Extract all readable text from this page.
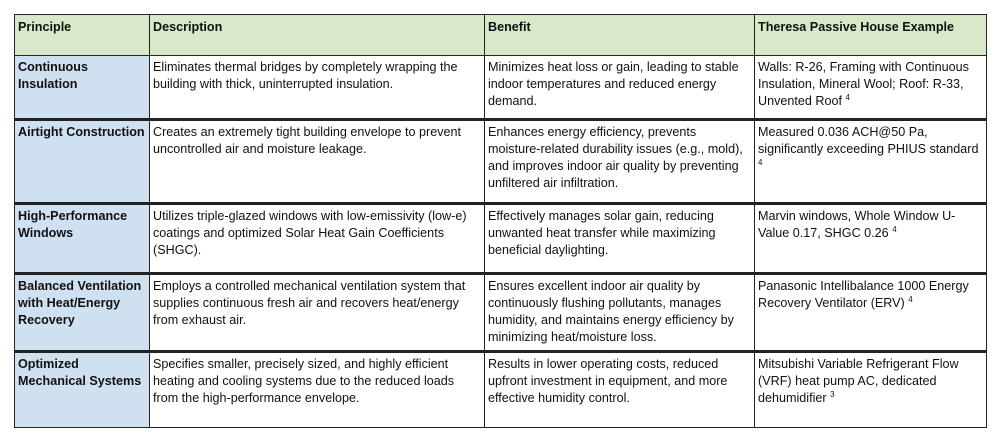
Principle	Description	Benefit	Theresa Passive House Example
Continuous Insulation	Eliminates thermal bridges by completely wrapping the building with thick, uninterrupted insulation.	Minimizes heat loss or gain, leading to stable indoor temperatures and reduced energy demand.	Walls: R-26, Framing with Continuous Insulation, Mineral Wool; Roof: R-33, Unvented Roof $^4$
Airtight Construction	Creates an extremely tight building envelope to prevent uncontrolled air and moisture leakage.	Enhances energy efficiency, prevents moisture-related durability issues (e.g., mold), and improves indoor air quality by preventing unfiltered air infiltration.	Measured 0.036 ACH@50 Pa, significantly exceeding PHIUS standard $^4$
High-Performance Windows	Utilizes triple-glazed windows with low-emissivity (low-e) coatings and optimized Solar Heat Gain Coefficients (SHGC).	Effectively manages solar gain, reducing unwanted heat transfer while maximizing beneficial daylighting.	Marvin windows, Whole Window U-Value 0.17, SHGC 0.26 $^4$
Balanced Ventilation with Heat/Energy Recovery	Employs a controlled mechanical ventilation system that supplies continuous fresh air and recovers heat/energy from exhaust air.	Ensures excellent indoor air quality by continuously flushing pollutants, manages humidity, and maintains energy efficiency by minimizing heat/moisture loss.	Panasonic Intellibalance 1000 Energy Recovery Ventilator (ERV) $^4$
Optimized Mechanical Systems	Specifies smaller, precisely sized, and highly efficient heating and cooling systems due to the reduced loads from the high-performance envelope.	Results in lower operating costs, reduced upfront investment in equipment, and more effective humidity control.	Mitsubishi Variable Refrigerant Flow (VRF) heat pump AC, dedicated dehumidifier $^3$
